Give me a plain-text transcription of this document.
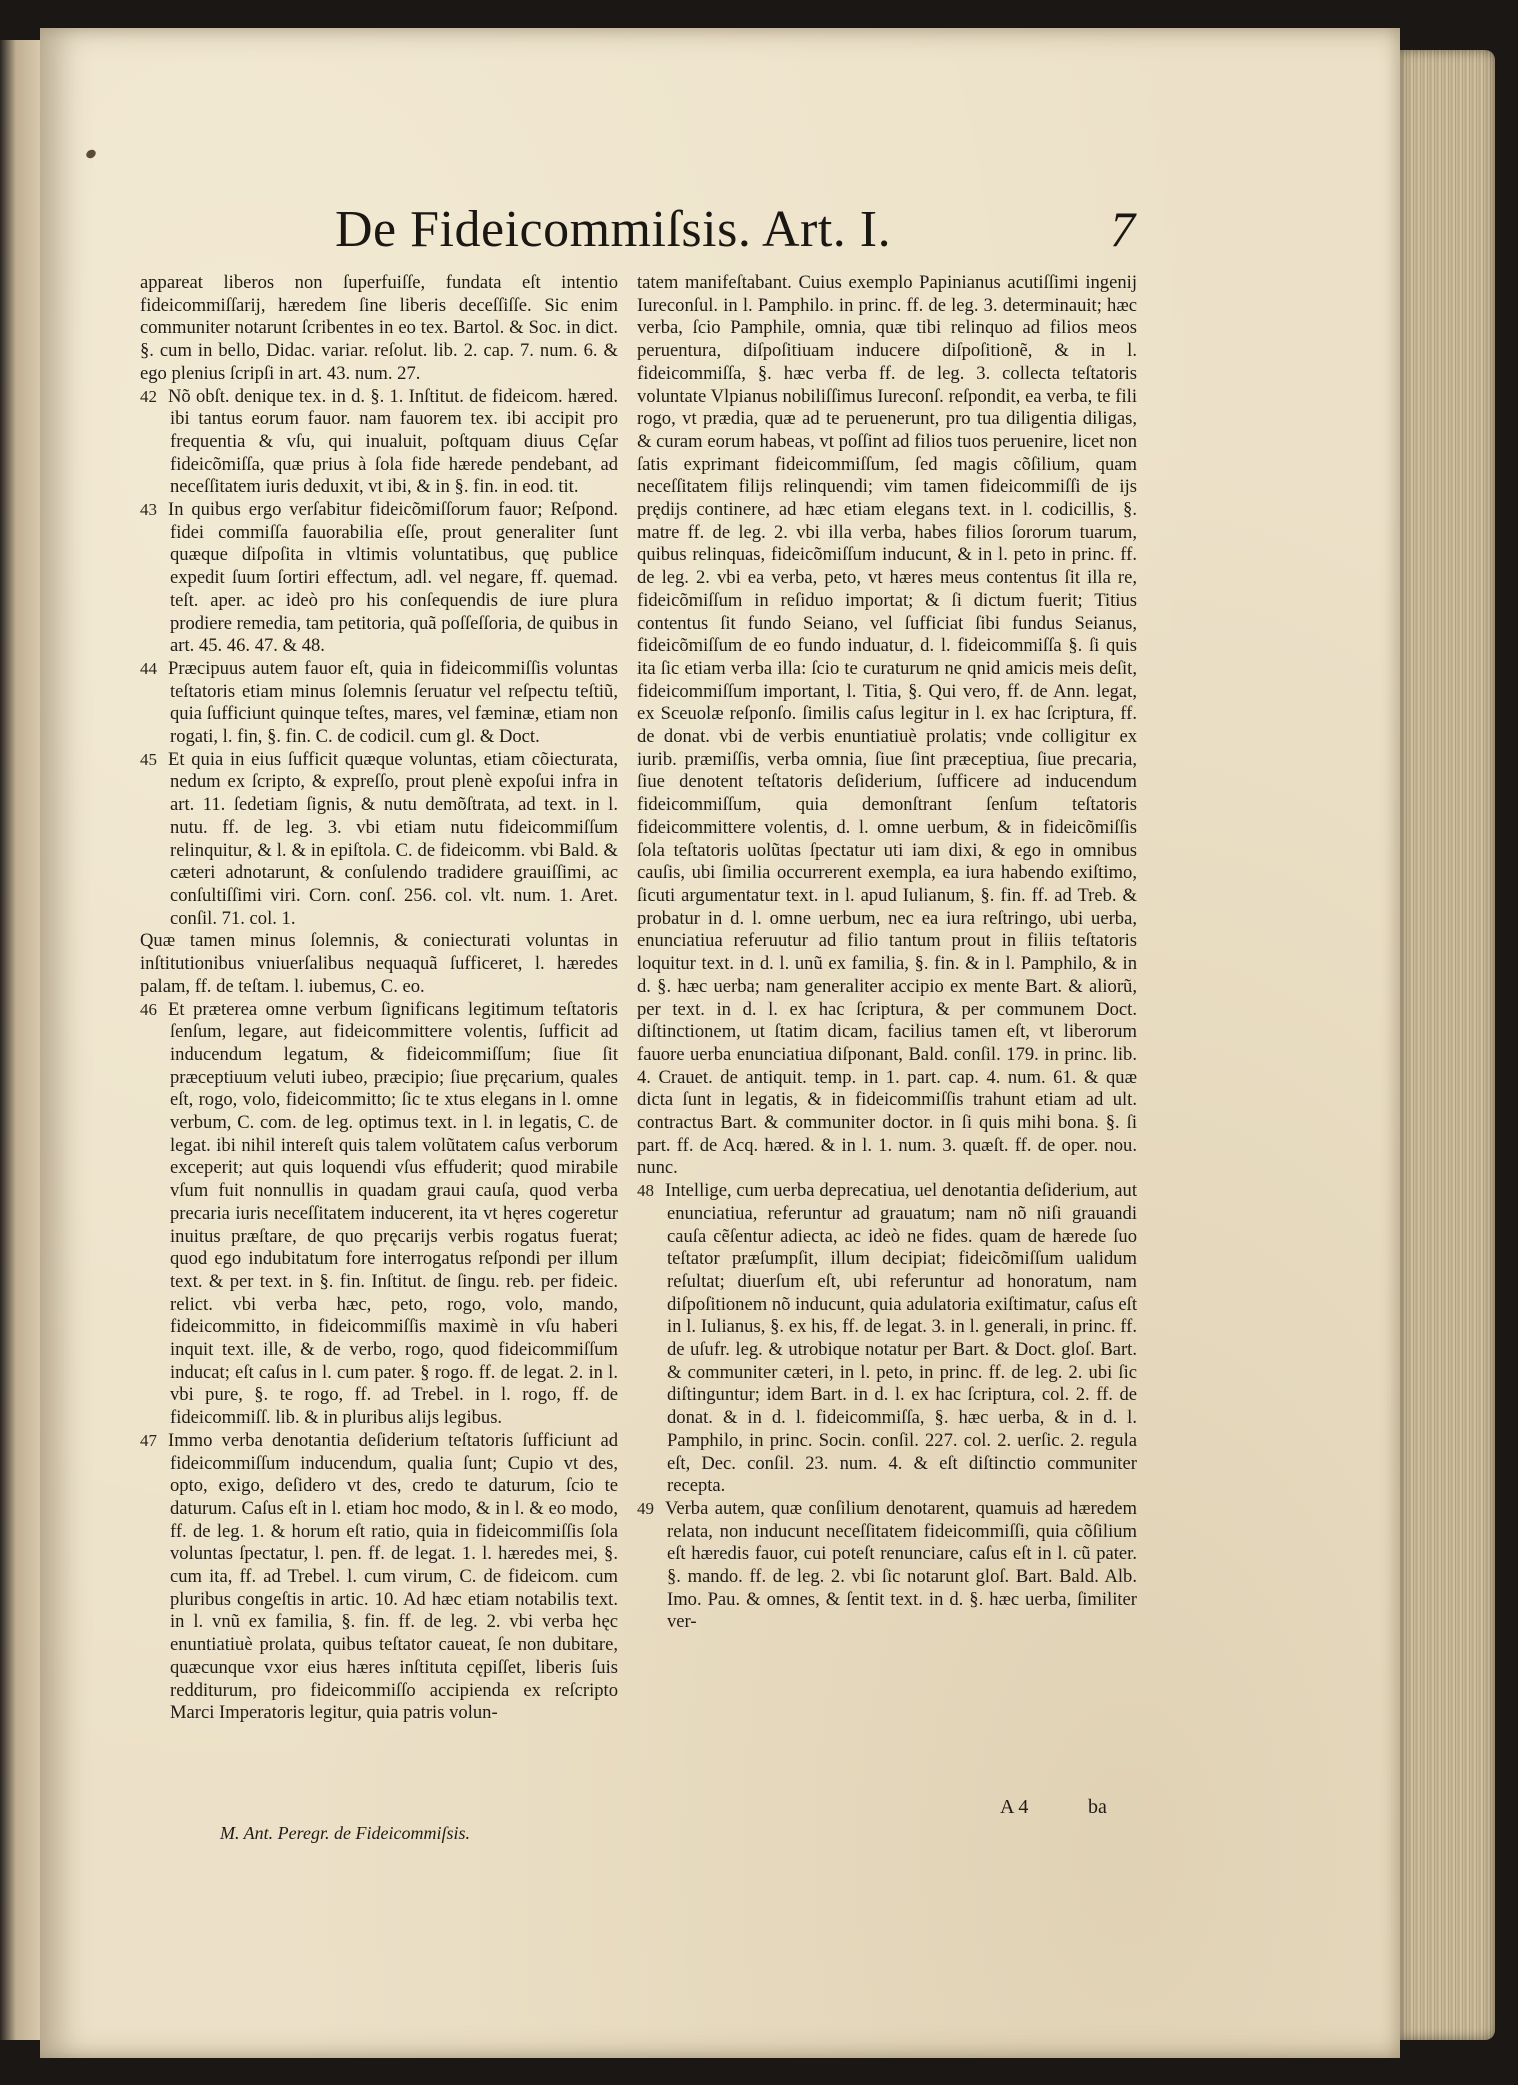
De Fideicommiſsis. Art. I.	7

appareat liberos non ſuperfuiſſe, fundata eſt intentio fideicommiſſarij, hæredem ſine liberis deceſſiſſe. Sic enim communiter notarunt ſcribentes in eo tex. Bartol. & Soc. in dict. §. cum in bello, Didac. variar. reſolut. lib. 2. cap. 7. num. 6. & ego plenius ſcripſi in art. 43. num. 27.

42 Nõ obſt. denique tex. in d. §. 1. Inſtitut. de fideicom. hæred. ibi tantus eorum fauor. nam fauorem tex. ibi accipit pro frequentia & vſu, qui inualuit, poſtquam diuus Cęſar fideicõmiſſa, quæ prius à ſola fide hærede pendebant, ad neceſſitatem iuris deduxit, vt ibi, & in §. fin. in eod. tit.

43 In quibus ergo verſabitur fideicõmiſſorum fauor; Reſpond. fidei commiſſa fauorabilia eſſe, prout generaliter ſunt quæque diſpoſita in vltimis voluntatibus, quę publice expedit ſuum ſortiri effectum, adl. vel negare, ff. quemad. teſt. aper. ac ideò pro his conſequendis de iure plura prodiere remedia, tam petitoria, quã poſſeſſoria, de quibus in art. 45. 46. 47. & 48.

44 Præcipuus autem fauor eſt, quia in fideicommiſſis voluntas teſtatoris etiam minus ſolemnis ſeruatur vel reſpectu teſtiũ, quia ſufficiunt quinque teſtes, mares, vel fæminæ, etiam non rogati, l. fin, §. fin. C. de codicil. cum gl. & Doct.

45 Et quia in eius ſufficit quæque voluntas, etiam cõiecturata, nedum ex ſcripto, & expreſſo, prout plenè expoſui infra in art. 11. ſedetiam ſignis, & nutu demõſtrata, ad text. in l. nutu. ff. de leg. 3. vbi etiam nutu fideicommiſſum relinquitur, & l. & in epiſtola. C. de fideicomm. vbi Bald. & cæteri adnotarunt, & conſulendo tradidere grauiſſimi, ac conſultiſſimi viri. Corn. conſ. 256. col. vlt. num. 1. Aret. conſil. 71. col. 1.

Quæ tamen minus ſolemnis, & coniecturati voluntas in inſtitutionibus vniuerſalibus nequaquã ſufficeret, l. hæredes palam, ff. de teſtam. l. iubemus, C. eo.

46 Et præterea omne verbum ſignificans legitimum teſtatoris ſenſum, legare, aut fideicommittere volentis, ſufficit ad inducendum legatum, & fideicommiſſum; ſiue ſit præceptiuum veluti iubeo, præcipio; ſiue pręcarium, quales eſt, rogo, volo, fideicommitto; ſic te xtus elegans in l. omne verbum, C. com. de leg. optimus text. in l. in legatis, C. de legat. ibi nihil intereſt quis talem volũtatem caſus verborum exceperit; aut quis loquendi vſus effuderit; quod mirabile vſum fuit nonnullis in quadam graui cauſa, quod verba precaria iuris neceſſitatem inducerent, ita vt hęres cogeretur inuitus præſtare, de quo pręcarijs verbis rogatus fuerat; quod ego indubitatum fore interrogatus reſpondi per illum text. & per text. in §. fin. Inſtitut. de ſingu. reb. per fideic. relict. vbi verba hæc, peto, rogo, volo, mando, fideicommitto, in fideicommiſſis maximè in vſu haberi inquit text. ille, & de verbo, rogo, quod fideicommiſſum inducat; eſt caſus in l. cum pater. § rogo. ff. de legat. 2. in l. vbi pure, §. te rogo, ff. ad Trebel. in l. rogo, ff. de fideicommiſſ. lib. & in pluribus alijs legibus.

47 Immo verba denotantia deſiderium teſtatoris ſufficiunt ad fideicommiſſum inducendum, qualia ſunt; Cupio vt des, opto, exigo, deſidero vt des, credo te daturum, ſcio te daturum. Caſus eſt in l. etiam hoc modo, & in l. & eo modo, ff. de leg. 1. & horum eſt ratio, quia in fideicommiſſis ſola voluntas ſpectatur, l. pen. ff. de legat. 1. l. hæredes mei, §. cum ita, ff. ad Trebel. l. cum virum, C. de fideicom. cum pluribus congeſtis in artic. 10. Ad hæc etiam notabilis text. in l. vnũ ex familia, §. fin. ff. de leg. 2. vbi verba hęc enuntiatiuè prolata, quibus teſtator caueat, ſe non dubitare, quæcunque vxor eius hæres inſtituta cępiſſet, liberis ſuis redditurum, pro fideicommiſſo accipienda ex reſcripto Marci Imperatoris legitur, quia patris volun-

tatem manifeſtabant. Cuius exemplo Papinianus acutiſſimi ingenij Iureconſul. in l. Pamphilo. in princ. ff. de leg. 3. determinauit; hæc verba, ſcio Pamphile, omnia, quæ tibi relinquo ad filios meos peruentura, diſpoſitiuam inducere diſpoſitionẽ, & in l. fideicommiſſa, §. hæc verba ff. de leg. 3. collecta teſtatoris voluntate Vlpianus nobiliſſimus Iureconſ. reſpondit, ea verba, te fili rogo, vt prædia, quæ ad te peruenerunt, pro tua diligentia diligas, & curam eorum habeas, vt poſſint ad filios tuos peruenire, licet non ſatis exprimant fideicommiſſum, ſed magis cõſilium, quam neceſſitatem filijs relinquendi; vim tamen fideicommiſſi de ijs prędijs continere, ad hæc etiam elegans text. in l. codicillis, §. matre ff. de leg. 2. vbi illa verba, habes filios ſororum tuarum, quibus relinquas, fideicõmiſſum inducunt, & in l. peto in princ. ff. de leg. 2. vbi ea verba, peto, vt hæres meus contentus ſit illa re, fideicõmiſſum in reſiduo importat; & ſi dictum fuerit; Titius contentus ſit fundo Seiano, vel ſufficiat ſibi fundus Seianus, fideicõmiſſum de eo fundo induatur, d. l. fideicommiſſa §. ſi quis ita ſic etiam verba illa: ſcio te curaturum ne qnid amicis meis deſit, fideicommiſſum important, l. Titia, §. Qui vero, ff. de Ann. legat, ex Sceuolæ reſponſo. ſimilis caſus legitur in l. ex hac ſcriptura, ff. de donat. vbi de verbis enuntiatiuè prolatis; vnde colligitur ex iurib. præmiſſis, verba omnia, ſiue ſint præceptiua, ſiue precaria, ſiue denotent teſtatoris deſiderium, ſufficere ad inducendum fideicommiſſum, quia demonſtrant ſenſum teſtatoris fideicommittere volentis, d. l. omne uerbum, & in fideicõmiſſis ſola teſtatoris uolũtas ſpectatur uti iam dixi, & ego in omnibus cauſis, ubi ſimilia occurrerent exempla, ea iura habendo exiſtimo, ſicuti argumentatur text. in l. apud Iulianum, §. fin. ff. ad Treb. & probatur in d. l. omne uerbum, nec ea iura reſtringo, ubi uerba, enunciatiua referuutur ad filio tantum prout in filiis teſtatoris loquitur text. in d. l. unũ ex familia, §. fin. & in l. Pamphilo, & in d. §. hæc uerba; nam generaliter accipio ex mente Bart. & aliorũ, per text. in d. l. ex hac ſcriptura, & per communem Doct. diſtinctionem, ut ſtatim dicam, facilius tamen eſt, vt liberorum fauore uerba enunciatiua diſponant, Bald. conſil. 179. in princ. lib. 4. Crauet. de antiquit. temp. in 1. part. cap. 4. num. 61. & quæ dicta ſunt in legatis, & in fideicommiſſis trahunt etiam ad ult. contractus Bart. & communiter doctor. in ſi quis mihi bona. §. ſi part. ff. de Acq. hæred. & in l. 1. num. 3. quæſt. ff. de oper. nou. nunc.

48 Intellige, cum uerba deprecatiua, uel denotantia deſiderium, aut enunciatiua, referuntur ad grauatum; nam nõ niſi grauandi cauſa cẽſentur adiecta, ac ideò ne fides. quam de hærede ſuo teſtator præſumpſit, illum decipiat; fideicõmiſſum ualidum reſultat; diuerſum eſt, ubi referuntur ad honoratum, nam diſpoſitionem nõ inducunt, quia adulatoria exiſtimatur, caſus eſt in l. Iulianus, §. ex his, ff. de legat. 3. in l. generali, in princ. ff. de uſufr. leg. & utrobique notatur per Bart. & Doct. gloſ. Bart. & communiter cæteri, in l. peto, in princ. ff. de leg. 2. ubi ſic diſtinguntur; idem Bart. in d. l. ex hac ſcriptura, col. 2. ff. de donat. & in d. l. fideicommiſſa, §. hæc uerba, & in d. l. Pamphilo, in princ. Socin. conſil. 227. col. 2. uerſic. 2. regula eſt, Dec. conſil. 23. num. 4. & eſt diſtinctio communiter recepta.

49 Verba autem, quæ conſilium denotarent, quamuis ad hæredem relata, non inducunt neceſſitatem fideicommiſſi, quia cõſilium eſt hæredis fauor, cui poteſt renunciare, caſus eſt in l. cũ pater. §. mando. ff. de leg. 2. vbi ſic notarunt gloſ. Bart. Bald. Alb. Imo. Pau. & omnes, & ſentit text. in d. §. hæc uerba, ſimiliter ver-

M. Ant. Peregr. de Fideicommiſsis.
A 4	ba
